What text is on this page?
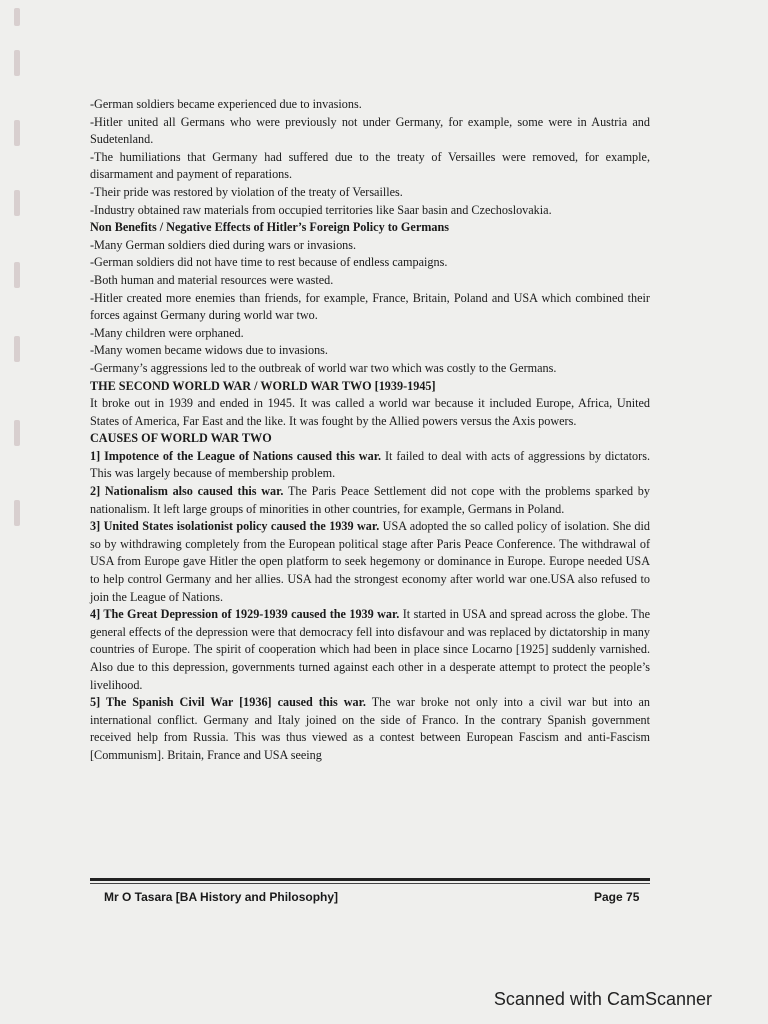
-German soldiers became experienced due to invasions.

-Hitler united all Germans who were previously not under Germany, for example, some were in Austria and Sudetenland.

-The humiliations that Germany had suffered due to the treaty of Versailles were removed, for example, disarmament and payment of reparations.

-Their pride was restored by violation of the treaty of Versailles.

-Industry obtained raw materials from occupied territories like Saar basin and Czechoslovakia.

Non Benefits / Negative Effects of Hitler’s Foreign Policy to Germans

-Many German soldiers died during wars or invasions.

-German soldiers did not have time to rest because of endless campaigns.

-Both human and material resources were wasted.

-Hitler created more enemies than friends, for example, France, Britain, Poland and USA which combined their forces against Germany during world war two.

-Many children were orphaned.

-Many women became widows due to invasions.

-Germany’s aggressions led to the outbreak of world war two which was costly to the Germans.

THE SECOND WORLD WAR / WORLD WAR TWO [1939-1945]

It broke out in 1939 and ended in 1945. It was called a world war because it included Europe, Africa, United States of America, Far East and the like. It was fought by the Allied powers versus the Axis powers.

CAUSES OF WORLD WAR TWO

1] Impotence of the League of Nations caused this war. It failed to deal with acts of aggressions by dictators. This was largely because of membership problem.

2] Nationalism also caused this war. The Paris Peace Settlement did not cope with the problems sparked by nationalism. It left large groups of minorities in other countries, for example, Germans in Poland.

3] United States isolationist policy caused the 1939 war. USA adopted the so called policy of isolation. She did so by withdrawing completely from the European political stage after Paris Peace Conference. The withdrawal of USA from Europe gave Hitler the open platform to seek hegemony or dominance in Europe. Europe needed USA to help control Germany and her allies. USA had the strongest economy after world war one.USA also refused to join the League of Nations.

4] The Great Depression of 1929-1939 caused the 1939 war. It started in USA and spread across the globe. The general effects of the depression were that democracy fell into disfavour and was replaced by dictatorship in many countries of Europe. The spirit of cooperation which had been in place since Locarno [1925] suddenly varnished. Also due to this depression, governments turned against each other in a desperate attempt to protect the people’s livelihood.

5] The Spanish Civil War [1936] caused this war. The war broke not only into a civil war but into an international conflict. Germany and Italy joined on the side of Franco. In the contrary Spanish government received help from Russia. This was thus viewed as a contest between European Fascism and anti-Fascism [Communism]. Britain, France and USA seeing

Mr O Tasara [BA History and Philosophy]	Page 75
Scanned with CamScanner
